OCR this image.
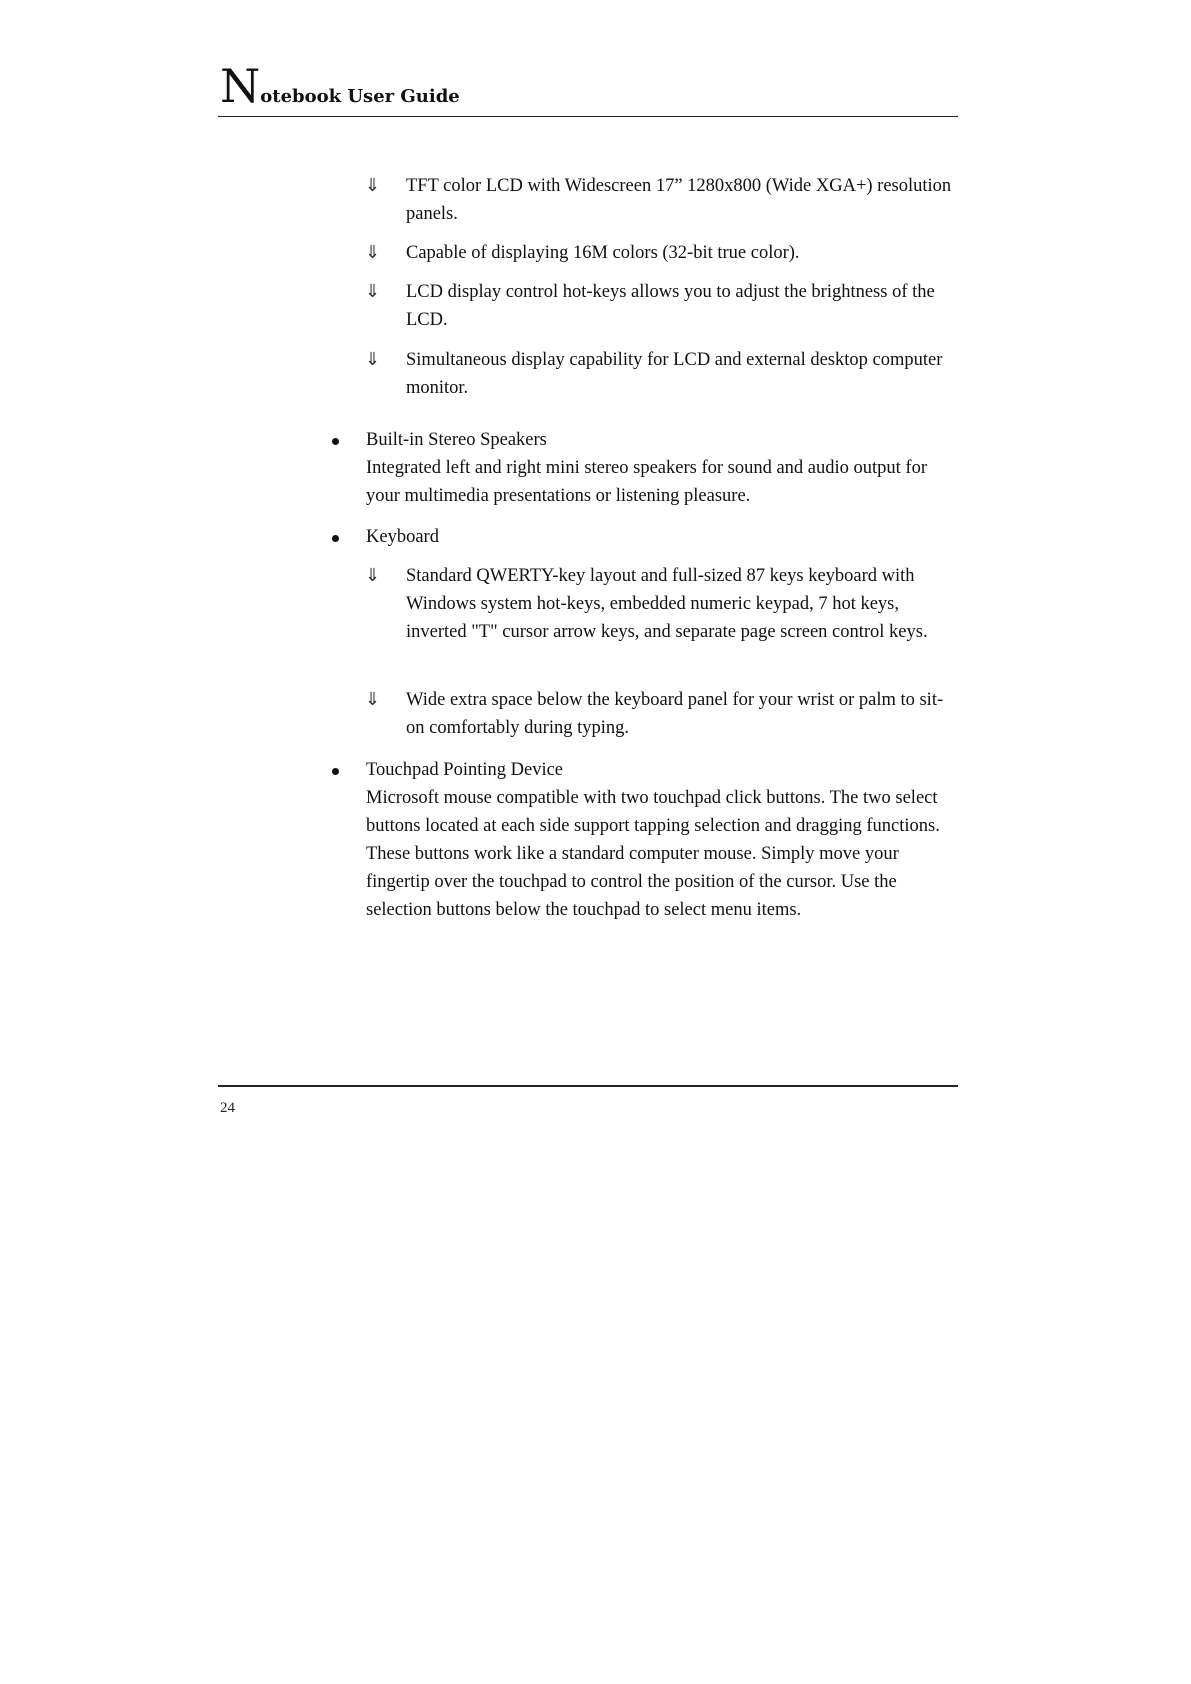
Notebook User Guide
⇓ TFT color LCD with Widescreen 17” 1280x800 (Wide XGA+) resolution panels.
⇓ Capable of displaying 16M colors (32-bit true color).
⇓ LCD display control hot-keys allows you to adjust the brightness of the LCD.
⇓ Simultaneous display capability for LCD and external desktop computer monitor.
Built-in Stereo Speakers
Integrated left and right mini stereo speakers for sound and audio output for your multimedia presentations or listening pleasure.
Keyboard
⇓ Standard QWERTY-key layout and full-sized 87 keys keyboard with Windows system hot-keys, embedded numeric keypad, 7 hot keys, inverted "T" cursor arrow keys, and separate page screen control keys.
⇓ Wide extra space below the keyboard panel for your wrist or palm to sit-on comfortably during typing.
Touchpad Pointing Device
Microsoft mouse compatible with two touchpad click buttons. The two select buttons located at each side support tapping selection and dragging functions. These buttons work like a standard computer mouse. Simply move your fingertip over the touchpad to control the position of the cursor. Use the selection buttons below the touchpad to select menu items.
24
